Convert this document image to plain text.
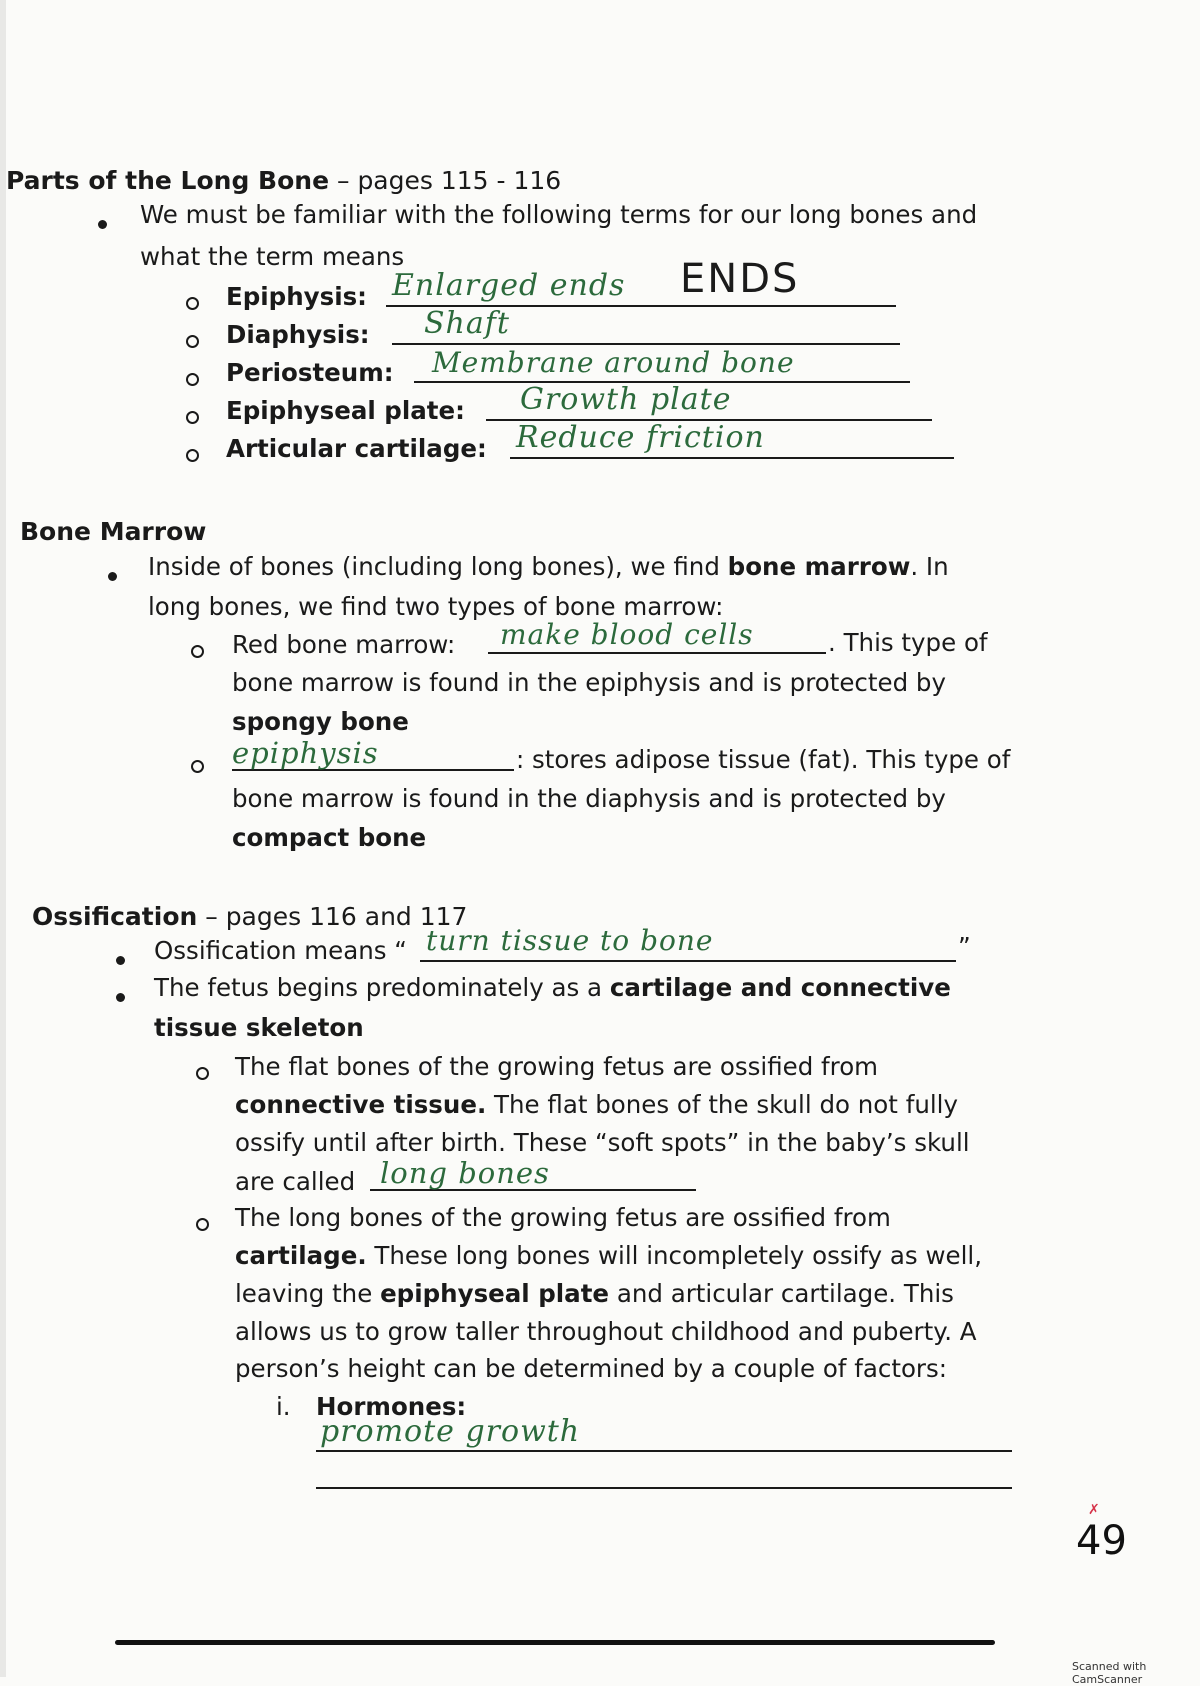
Parts of the Long Bone – pages 115 - 116
We must be familiar with the following terms for our long bones and
what the term means
Epiphysis: Enlarged ends ENDS
Diaphysis: Shaft
Periosteum: Membrane around bone
Epiphyseal plate: Growth plate
Articular cartilage: Reduce friction
Bone Marrow
Inside of bones (including long bones), we find bone marrow. In
long bones, we find two types of bone marrow:
Red bone marrow: make blood cells	. This type of
bone marrow is found in the epiphysis and is protected by
spongy bone
epiphysis	: stores adipose tissue (fat). This type of
bone marrow is found in the diaphysis and is protected by
compact bone
Ossification – pages 116 and 117
Ossification means “ turn tissue to bone	”
The fetus begins predominately as a cartilage and connective
tissue skeleton
The flat bones of the growing fetus are ossified from
connective tissue. The flat bones of the skull do not fully
ossify until after birth. These “soft spots” in the baby’s skull
are called long bones
The long bones of the growing fetus are ossified from
cartilage. These long bones will incompletely ossify as well,
leaving the epiphyseal plate and articular cartilage. This
allows us to grow taller throughout childhood and puberty. A
person’s height can be determined by a couple of factors:
i. Hormones:
promote growth
✗
49
Scanned with CamScanner
